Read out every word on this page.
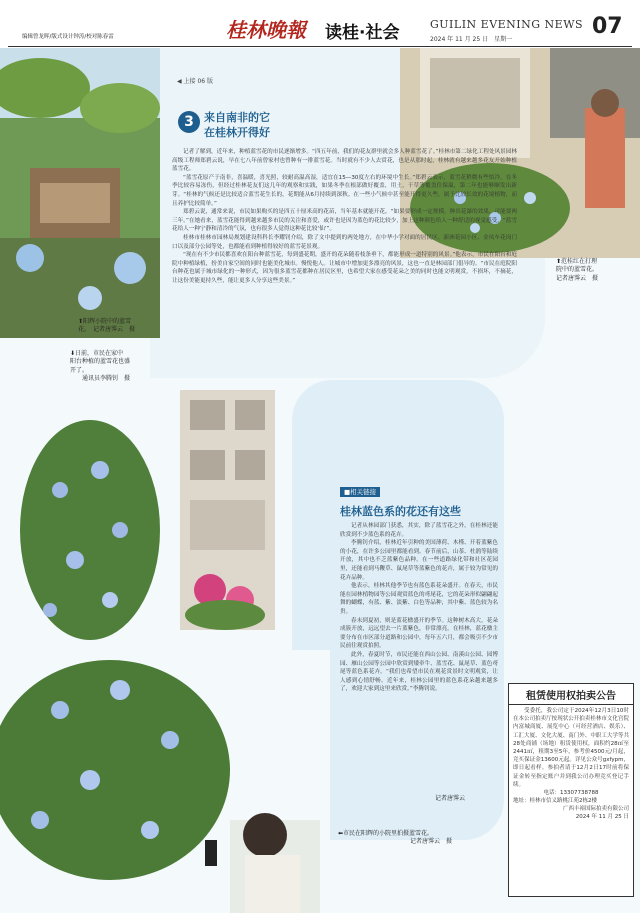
编辑曾龙晖/版式设计钟涛/校对陈春雷	桂林晚報 读桂·社会	GUILIN EVENING NEWS
2024 年 11 月 25 日　星期一
07
◀ 上接 06 版
3 来自南非的它
在桂林开得好

记者了解到，近年来，种植蓝雪花的市民逐渐增多。“四五年前，我们的花友群里就会多人种蓝雪花了。”桂林市第二绿化工程处风景园林高级工程师郑碧云说，早在七八年前曾家村也曾种有一排蓝雪花。当时就有不少人去赏花，也是从那时起，桂林就有越来越多花友开始种植蓝雪花。

“蓝雪花原产于南非，喜温暖，喜光照，较耐高温高湿，适宜在15—30度左右的环境中生长。”郑碧云表示，蓝雪花稍微有些怕冷，在冬季比较容易冻伤，但经过桂林花友们这几年的观察和实践，如果冬季在根部做好覆盖，用土，干草等覆盖住保温，第二年也能够顺发出新芽。“桂林的气候还是比较适合蓝雪花生长的，花期能从6月持续到深秋。在一些小气候中甚至能开得更久些，属于比较长效的花境植物，而且养护比较简单。”

郑碧云说，通常来说，市民如果购买的是四五十厘米高的花苗，当年基本就能开花。“如果要形成一定规模，种出花瀑的效果，可能要两三年。”在她看来，蓝雪花能得到越来越多市民的关注和喜爱，或许也是因为蓝色的花比较少，加上这种颜色给人一种舒适的视觉感受，“蓝雪花给人一种宁静和清冷的气氛，也有很多人觉得这种花比较‘仙’”。

桂林市桂林市园林局规划建设科科长李耀钊介绍，除了文中提到的两处地方，在中华小学对面的居民区、新洲花园小区、金凤车花岗门口以及部分公园等处，也都能看到种植得较好的蓝雪花景观。

“现在有不少市民都喜欢在阳台种蓝雪花，每到盛花期，盛开的花朵随着枝条垂下，都能形成一道特别的风景。”他表示，市民在阳台和庭院中种植绿植，扮美自家空间的同时也能美化城市。慢悦他人。让城市中增加更多漂亮的风景，这也一直是林园部门倡导的。“市民在庭院阳台种花也属于城市绿化的一种形式，因为很多蓝雪花都种在居民区里，也希望大家在感受花朵之美的同时也能文明观赏，不损坏，不摘花，让这份美能更持久些，能让更多人分享这些美景。”

⬆范桂红在打理
院中的蓝雪花。
记者唐霁云　摄
⬆阳辉小院中的蓝雪
花。　 记者唐霁云　摄
⬇日前，市民在家中
阳台种植的蓝雪花也盛
开了。
通讯员李腾钊　摄
⬅市民在阳辉的小院里拍摄蓝雪花。
记者唐霁云　摄
■相关链接
桂林蓝色系的花还有这些

记者从林园部门获悉，其实，除了蓝雪花之外，在桂林还能欣赏到不少蓝色系的花卉。

李腾钊介绍，桂林近年引种的美国薄荷、木槿、开着蓝紫色的小花，在许多公园里都能看到。春节前后，山茶、杜鹃等陆续开放，其中也不乏蓝紫色品种。在一些道路绿化带和社区花园里，还能看到马鞭草、鼠尾草等蓝紫色的花卉，属于较为常见的花卉品种。

他表示，桂林其他季节也有蓝色系花朵盛开。在春天，市民能在园林植物园等公园观赏蓝色的鸢尾花，它的花朵形似翩翩起舞的蝴蝶，有蓝、紫、淡紫、白色等品种，其中紫、蓝色较为名贵。

春末到夏初，则是蓝花楹盛开的季节。这种树木高大，花朵成簇开放，远远望去一片蓝紫色，非常漂亮。在桂林，蓝花楹主要分布在市区部分道路和公园中，每年五六月，都会吸引不少市民前往观赏拍照。

此外，春夏时节，市民还能在西山公园、南溪山公园、园博园、雁山公园等公园中欣赏到矮牵牛、蓝雪花、鼠尾草、蓝色鸢尾等蓝色系花卉。“我们也希望市民在观花赏景时文明观赏，让人感到心情舒畅。近年来，桂林公园里的蓝色系花朵越来越多了，欢迎大家到这里来欣赏。”李腾钊说。

记者唐霁云
租赁使用权拍卖公告

受委托，我公司定于2024年12月3日10时在本公司拍卖厅按现状公开拍卖桂林市文化宫院内富城商厦、展览中心（可经营酒店、娱乐）、工汇大厦、文化大厦、南门外、中职工大学等共28处商铺（场地）租赁使用权，面积约28㎡至2441㎡，租期3至5年，参考价4500元/月起，竞买保证金13600元起。详见公众号gxfypm，即日起看样。参拍者请于12月2日17时前将保证金转至指定账户并到我公司办理竞买登记手续。

电话：13307738788
地址：桂林市信义路桃江苑2栋2楼
广西丰裕国际拍卖有限公司
2024 年 11 月 25 日
